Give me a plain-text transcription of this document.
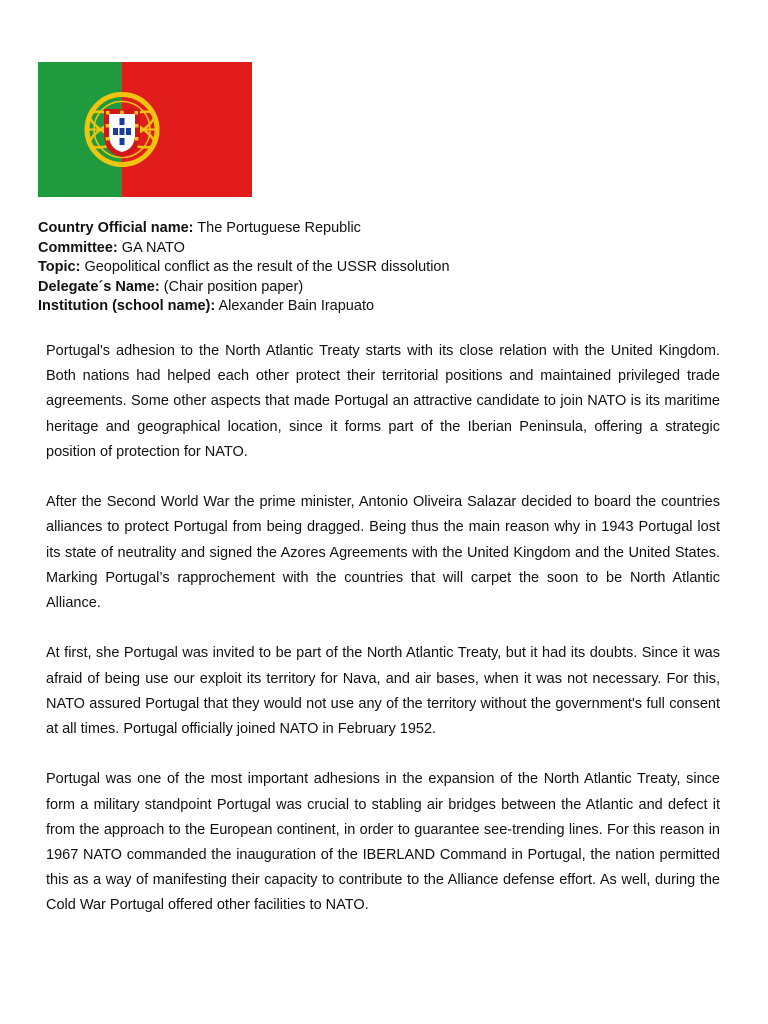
Country Official name: The Portuguese Republic
Committee: GA NATO
Topic: Geopolitical conflict as the result of the USSR dissolution
Delegate´s Name: (Chair position paper)
Institution (school name): Alexander Bain Irapuato

Portugal's adhesion to the North Atlantic Treaty starts with its close relation with the United Kingdom. Both nations had helped each other protect their territorial positions and maintained privileged trade agreements. Some other aspects that made Portugal an attractive candidate to join NATO is its maritime heritage and geographical location, since it forms part of the Iberian Peninsula, offering a strategic position of protection for NATO.

After the Second World War the prime minister, Antonio Oliveira Salazar decided to board the countries alliances to protect Portugal from being dragged. Being thus the main reason why in 1943 Portugal lost its state of neutrality and signed the Azores Agreements with the United Kingdom and the United States. Marking Portugal’s rapprochement with the countries that will carpet the soon to be North Atlantic Alliance.

At first, she Portugal was invited to be part of the North Atlantic Treaty, but it had its doubts. Since it was afraid of being use our exploit its territory for Nava, and air bases, when it was not necessary. For this, NATO assured Portugal that they would not use any of the territory without the government's full consent at all times. Portugal officially joined NATO in February 1952.

Portugal was one of the most important adhesions in the expansion of the North Atlantic Treaty, since form a military standpoint Portugal was crucial to stabling air bridges between the Atlantic and defect it from the approach to the European continent, in order to guarantee see-trending lines. For this reason in 1967 NATO commanded the inauguration of the IBERLAND Command in Portugal, the nation permitted this as a way of manifesting their capacity to contribute to the Alliance defense effort. As well, during the Cold War Portugal offered other facilities to NATO.
